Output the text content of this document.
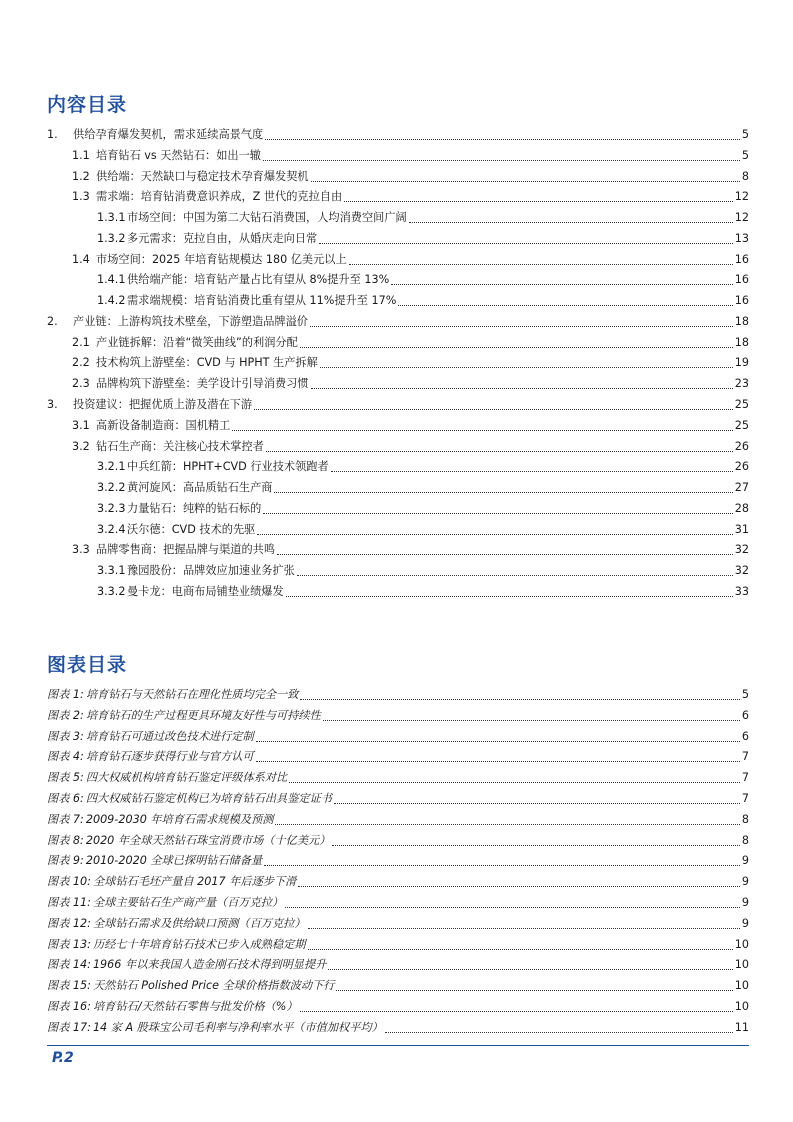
内容目录
1.	供给孕育爆发契机，需求延续高景气度	5
1.1 培育钻石 vs 天然钻石：如出一辙	5
1.2 供给端：天然缺口与稳定技术孕育爆发契机	8
1.3 需求端：培育钻消费意识养成，Z 世代的克拉自由	12
1.3.1 市场空间：中国为第二大钻石消费国，人均消费空间广阔	12
1.3.2 多元需求：克拉自由，从婚庆走向日常	13
1.4 市场空间：2025 年培育钻规模达 180 亿美元以上	16
1.4.1 供给端产能：培育钻产量占比有望从 8%提升至 13%	16
1.4.2 需求端规模：培育钻消费比重有望从 11%提升至 17%	16
2.	产业链：上游构筑技术壁垒，下游塑造品牌溢价	18
2.1 产业链拆解：沿着“微笑曲线”的利润分配	18
2.2 技术构筑上游壁垒：CVD 与 HPHT 生产拆解	19
2.3 品牌构筑下游壁垒：美学设计引导消费习惯	23
3.	投资建议：把握优质上游及潜在下游	25
3.1 高新设备制造商：国机精工	25
3.2 钻石生产商：关注核心技术掌控者	26
3.2.1 中兵红箭：HPHT+CVD 行业技术领跑者	26
3.2.2 黄河旋风：高品质钻石生产商	27
3.2.3 力量钻石：纯粹的钻石标的	28
3.2.4 沃尔德：CVD 技术的先驱	31
3.3 品牌零售商：把握品牌与渠道的共鸣	32
3.3.1 豫园股份：品牌效应加速业务扩张	32
3.3.2 曼卡龙：电商布局铺垫业绩爆发	33
图表目录
图表 1: 培育钻石与天然钻石在理化性质均完全一致	5
图表 2: 培育钻石的生产过程更具环境友好性与可持续性	6
图表 3: 培育钻石可通过改色技术进行定制	6
图表 4: 培育钻石逐步获得行业与官方认可	7
图表 5: 四大权威机构培育钻石鉴定评级体系对比	7
图表 6: 四大权威钻石鉴定机构已为培育钻石出具鉴定证书	7
图表 7: 2009-2030 年培育石需求规模及预测	8
图表 8: 2020 年全球天然钻石珠宝消费市场（十亿美元）	8
图表 9: 2010-2020 全球已探明钻石储备量	9
图表 10: 全球钻石毛坯产量自 2017 年后逐步下滑	9
图表 11: 全球主要钻石生产商产量（百万克拉）	9
图表 12: 全球钻石需求及供给缺口预测（百万克拉）	9
图表 13: 历经七十年培育钻石技术已步入成熟稳定期	10
图表 14: 1966 年以来我国人造金刚石技术得到明显提升	10
图表 15: 天然钻石 Polished Price 全球价格指数波动下行	10
图表 16: 培育钻石/天然钻石零售与批发价格（%）	10
图表 17: 14 家 A 股珠宝公司毛利率与净利率水平（市值加权平均）	11
P.2
